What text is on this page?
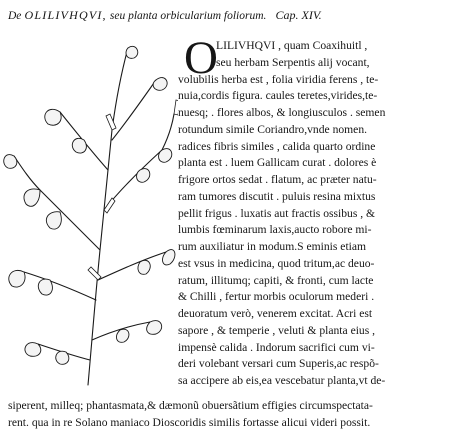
De OLILIVHQVI, seu planta orbicularium foliorum. Cap. XIV.
O
LILIVHQVI , quam Coaxihuitl ,
seu herbam Serpentis alij vocant,
volubilis herba est , folia viridia ferens , te-
nuia,cordis figura. caules teretes,virides,te-
nuesq; . flores albos, & longiusculos . semen
rotundum simile Coriandro,vnde nomen.
radices fibris similes , calida quarto ordine
planta est . luem Gallicam curat . dolores è
frigore ortos sedat . flatum, ac præter natu-
ram tumores discutit . puluis resina mixtus
pellit frigus . luxatis aut fractis ossibus , &
lumbis fœminarum laxis,aucto robore mi-
rum auxiliatur in modum.S eminis etiam
est vsus in medicina, quod tritum,ac deuo-
ratum, illitumq; capiti, & fronti, cum lacte
& Chilli , fertur morbis oculorum mederi .
deuoratum verò, venerem excitat. Acri est
sapore , & temperie , veluti & planta eius ,
impensè calida . Indorum sacrifici cum vi-
deri volebant versari cum Superis,ac respõ-
sa accipere ab eis,ea vescebatur planta,vt de-
siperent, milleq; phantasmata,& dæmonũ obuersãtium effigies circumspectata-
rent. qua in re Solano maniaco Dioscoridis similis fortasse alicui videri possit.
